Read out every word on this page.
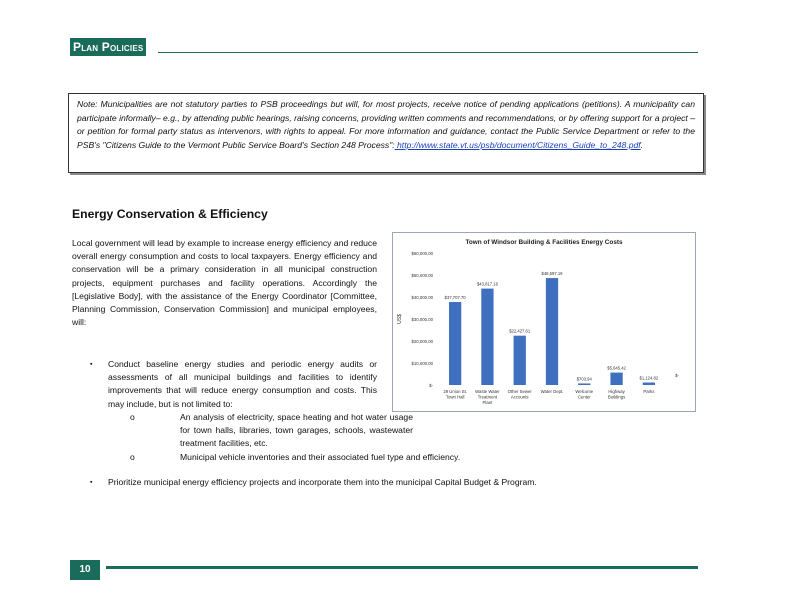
Plan Policies
Note: Municipalities are not statutory parties to PSB proceedings but will, for most projects, receive notice of pending applications (petitions). A municipality can participate informally– e.g., by attending public hearings, raising concerns, providing written comments and recommendations, or by offering support for a project – or petition for formal party status as intervenors, with rights to appeal. For more information and guidance, contact the Public Service Department or refer to the PSB's "Citizens Guide to the Vermont Public Service Board's Section 248 Process": http://www.state.vt.us/psb/document/Citizens_Guide_to_248.pdf.
Energy Conservation & Efficiency
Local government will lead by example to increase energy efficiency and reduce overall energy consumption and costs to local taxpayers. Energy efficiency and conservation will be a primary consideration in all municipal construction projects, equipment purchases and facility operations. Accordingly the [Legislative Body], with the assistance of the Energy Coordinator [Committee, Planning Commission, Conservation Commission] and municipal employees, will:
▪ Conduct baseline energy studies and periodic energy audits or assessments of all municipal buildings and facilities to identify improvements that will reduce energy consumption and costs. This may include, but is not limited to:
o	An analysis of electricity, space heating and hot water usage for town halls, libraries, town garages, schools, wastewater treatment facilities, etc.
o	Municipal vehicle inventories and their associated fuel type and efficiency.
▪ Prioritize municipal energy efficiency projects and incorporate them into the municipal Capital Budget & Program.
Town of Windsor Building & Facilities Energy Costs
$60,000.00
$50,000.00
$40,000.00
$30,000.00
$20,000.00
$10,000.00
$-
US$
$37,707.70
29 Union St.
Town Hall
$43,817.16
Waste Water
Treatment
Plant
$22,427.61
Other Sewer
Accounts
$48,597.19
Water Dept.
$703.94
Welcome
Center
$5,645.42
Highway
Buildings
$1,124.82
Parks
$-
10
